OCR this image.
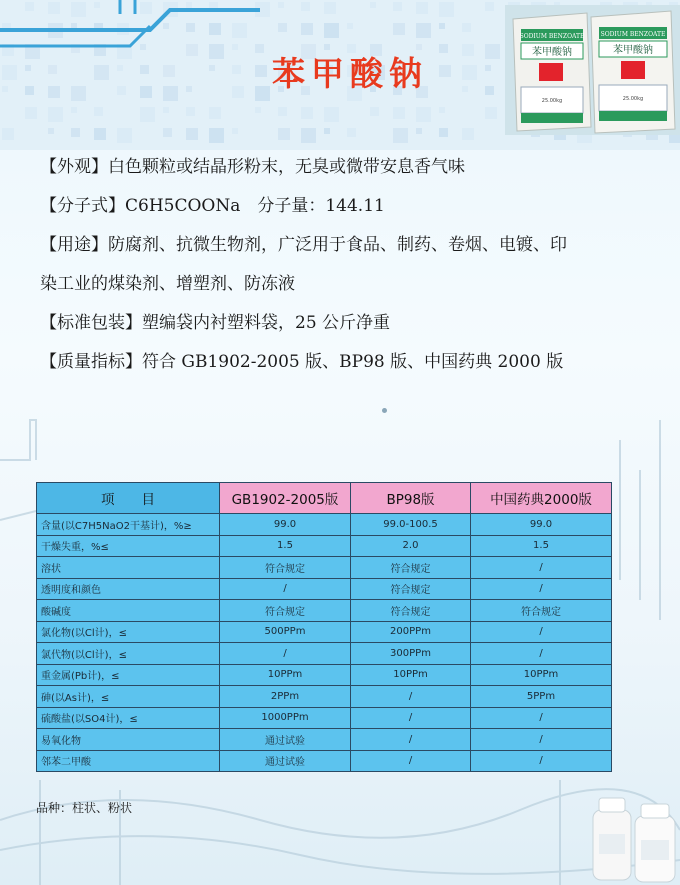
SODIUM BENZOATE	SODIUM BENZOATE
苯甲酸钠	苯甲酸钠
25.00kg	25.00kg
苯甲酸钠
【外观】白色颗粒或结晶形粉末，无臭或微带安息香气味
【分子式】C6H5COONa　分子量：144.11
【用途】防腐剂、抗微生物剂，广泛用于食品、制药、卷烟、电镀、印
染工业的煤染剂、增塑剂、防冻液
【标准包装】塑编袋内衬塑料袋，25 公斤净重
【质量指标】符合 GB1902-2005 版、BP98 版、中国药典 2000 版
项　　目	GB1902-2005版	BP98版	中国药典2000版
含量(以C7H5NaO2干基计)，%≥	99.0	99.0-100.5	99.0
干燥失重，%≤	1.5	2.0	1.5
溶状	符合规定	符合规定	/
透明度和颜色	/	符合规定	/
酸碱度	符合规定	符合规定	符合规定
氯化物(以Cl计)，≤	500PPm	200PPm	/
氯代物(以Cl计)，≤	/	300PPm	/
重金属(Pb计)，≤	10PPm	10PPm	10PPm
砷(以As计)，≤	2PPm	/	5PPm
硫酸盐(以SO4计)，≤	1000PPm	/	/
易氧化物	通过试验	/	/
邻苯二甲酸	通过试验	/	/
品种：柱状、粉状
